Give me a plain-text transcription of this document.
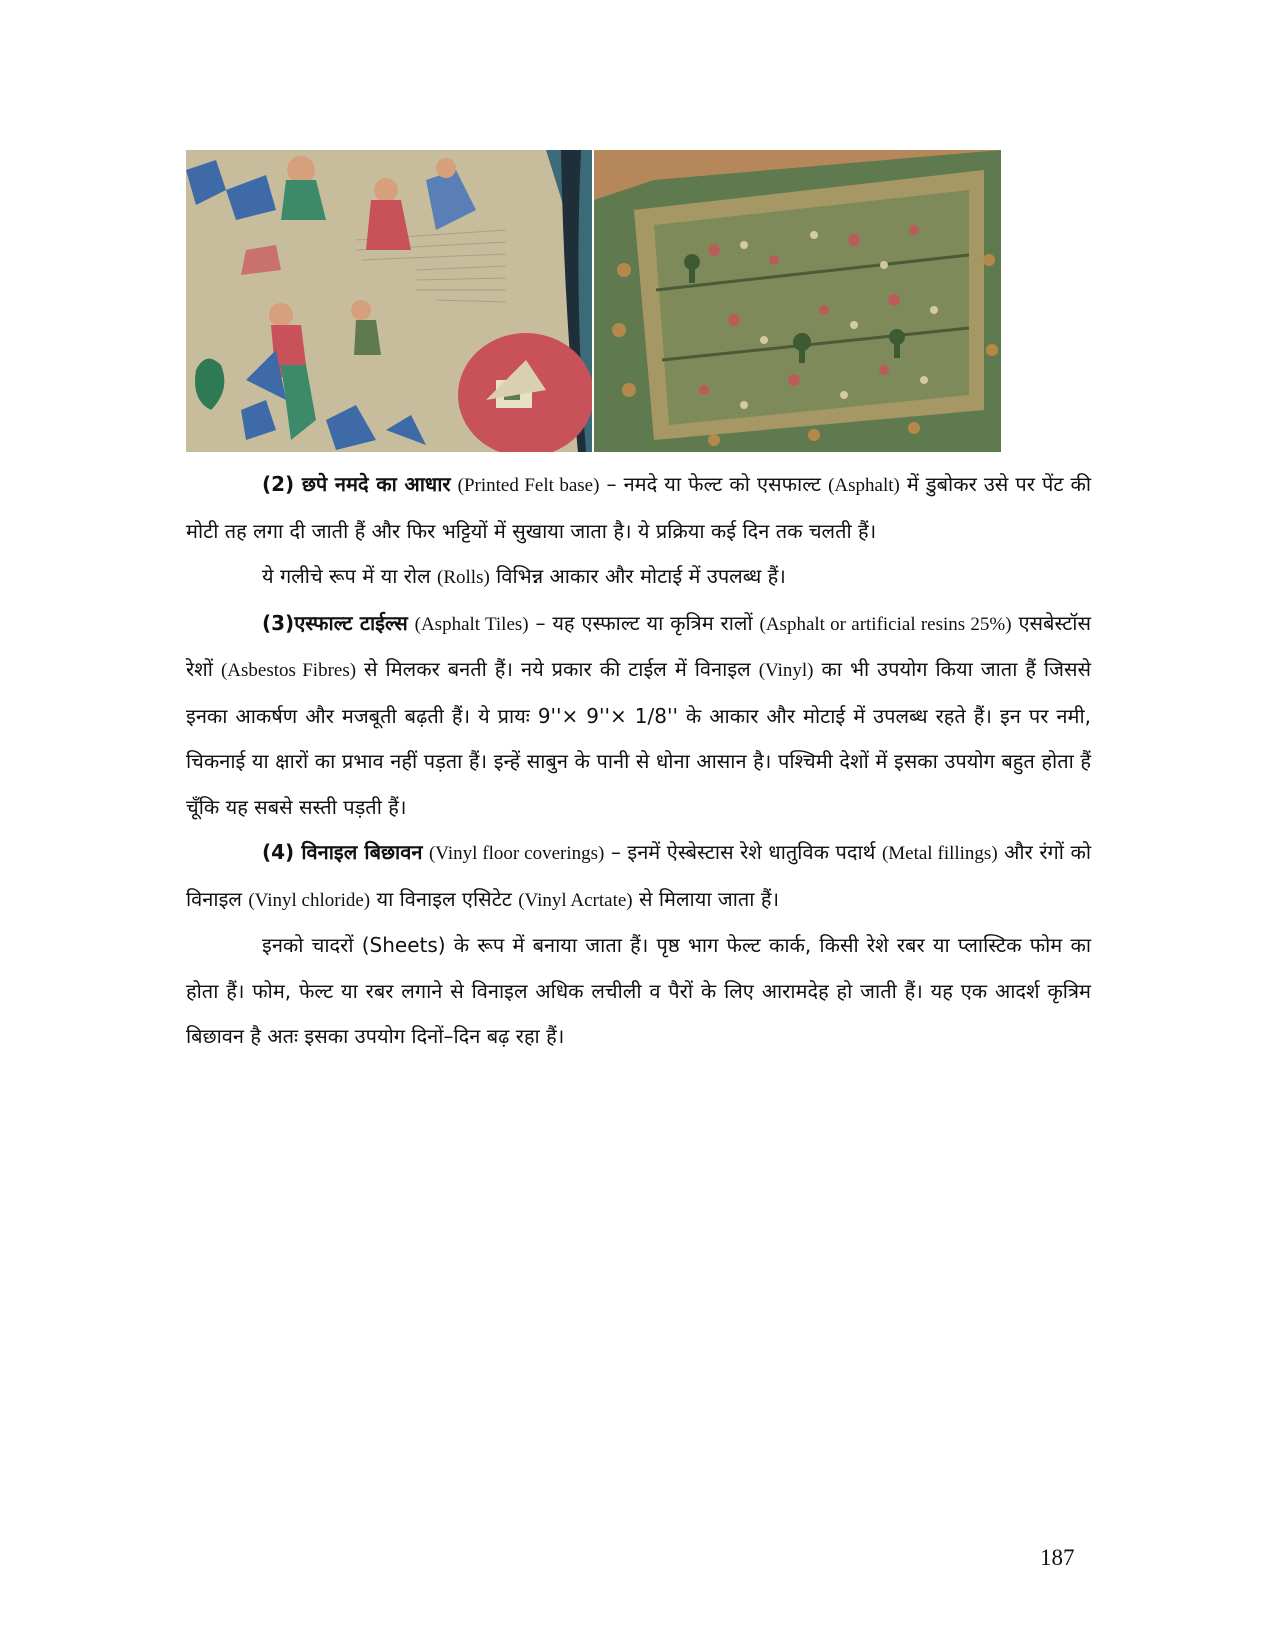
(2) छपे नमदे का आधार (Printed Felt base) – नमदे या फेल्ट को एसफाल्ट (Asphalt) में डुबोकर उसे पर पेंट की मोटी तह लगा दी जाती हैं और फिर भट्टियों में सुखाया जाता है। ये प्रक्रिया कई दिन तक चलती हैं।

ये गलीचे रूप में या रोल (Rolls) विभिन्न आकार और मोटाई में उपलब्ध हैं।

(3)एस्फाल्ट टाईल्स (Asphalt Tiles) – यह एस्फाल्ट या कृत्रिम रालों (Asphalt or artificial resins 25%) एसबेस्टॉस रेशों (Asbestos Fibres) से मिलकर बनती हैं। नये प्रकार की टाईल में विनाइल (Vinyl) का भी उपयोग किया जाता हैं जिससे इनका आकर्षण और मजबूती बढ़ती हैं। ये प्रायः 9''× 9''× 1/8'' के आकार और मोटाई में उपलब्ध रहते हैं। इन पर नमी, चिकनाई या क्षारों का प्रभाव नहीं पड़ता हैं। इन्हें साबुन के पानी से धोना आसान है। पश्चिमी देशों में इसका उपयोग बहुत होता हैं चूँकि यह सबसे सस्ती पड़ती हैं।

(4) विनाइल बिछावन (Vinyl floor coverings) – इनमें ऐस्बेस्टास रेशे धातुविक पदार्थ (Metal fillings) और रंगों को विनाइल (Vinyl chloride) या विनाइल एसिटेट (Vinyl Acrtate) से मिलाया जाता हैं।

इनको चादरों (Sheets) के रूप में बनाया जाता हैं। पृष्ठ भाग फेल्ट कार्क, किसी रेशे रबर या प्लास्टिक फोम का होता हैं। फोम, फेल्ट या रबर लगाने से विनाइल अधिक लचीली व पैरों के लिए आरामदेह हो जाती हैं। यह एक आदर्श कृत्रिम बिछावन है अतः इसका उपयोग दिनों–दिन बढ़ रहा हैं।

187
